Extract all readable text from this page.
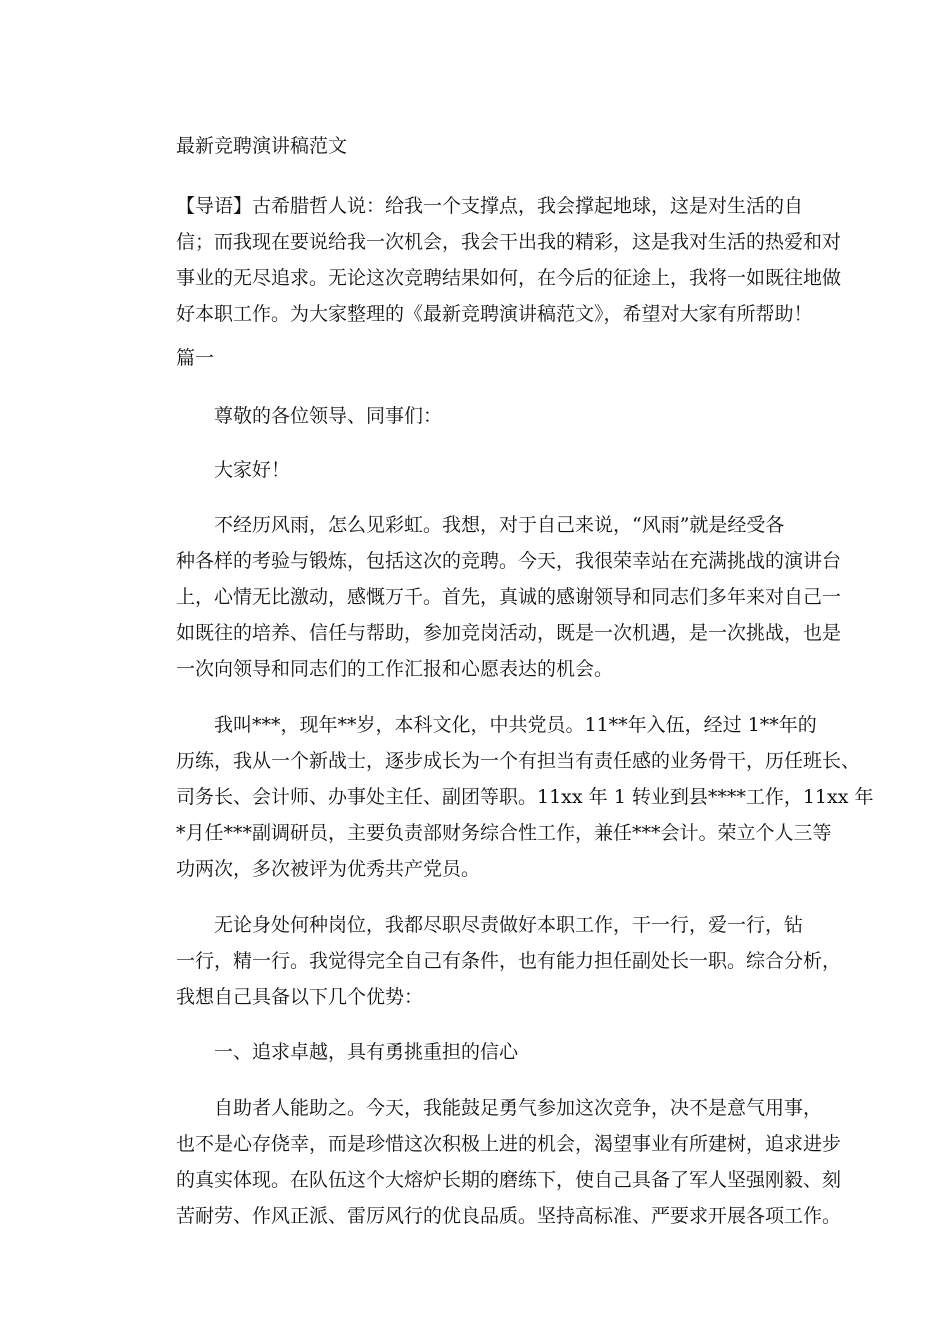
最新竞聘演讲稿范文
【导语】古希腊哲人说：给我一个支撑点，我会撑起地球，这是对生活的自
信；而我现在要说给我一次机会，我会干出我的精彩，这是我对生活的热爱和对
事业的无尽追求。无论这次竞聘结果如何，在今后的征途上，我将一如既往地做
好本职工作。为大家整理的《最新竞聘演讲稿范文》，希望对大家有所帮助！
篇一
尊敬的各位领导、同事们：
大家好！
不经历风雨，怎么见彩虹。我想，对于自己来说，“风雨”就是经受各
种各样的考验与锻炼，包括这次的竞聘。今天，我很荣幸站在充满挑战的演讲台
上，心情无比激动，感慨万千。首先，真诚的感谢领导和同志们多年来对自己一
如既往的培养、信任与帮助，参加竞岗活动，既是一次机遇，是一次挑战，也是
一次向领导和同志们的工作汇报和心愿表达的机会。
我叫***，现年**岁，本科文化，中共党员。11**年入伍，经过 1**年的
历练，我从一个新战士，逐步成长为一个有担当有责任感的业务骨干，历任班长、
司务长、会计师、办事处主任、副团等职。11xx 年 1 转业到县****工作，11xx 年
*月任***副调研员，主要负责部财务综合性工作，兼任***会计。荣立个人三等
功两次，多次被评为优秀共产党员。
无论身处何种岗位，我都尽职尽责做好本职工作，干一行，爱一行，钻
一行，精一行。我觉得完全自己有条件，也有能力担任副处长一职。综合分析，
我想自己具备以下几个优势：
一、追求卓越，具有勇挑重担的信心
自助者人能助之。今天，我能鼓足勇气参加这次竞争，决不是意气用事，
也不是心存侥幸，而是珍惜这次积极上进的机会，渴望事业有所建树，追求进步
的真实体现。在队伍这个大熔炉长期的磨练下，使自己具备了军人坚强刚毅、刻
苦耐劳、作风正派、雷厉风行的优良品质。坚持高标准、严要求开展各项工作。
